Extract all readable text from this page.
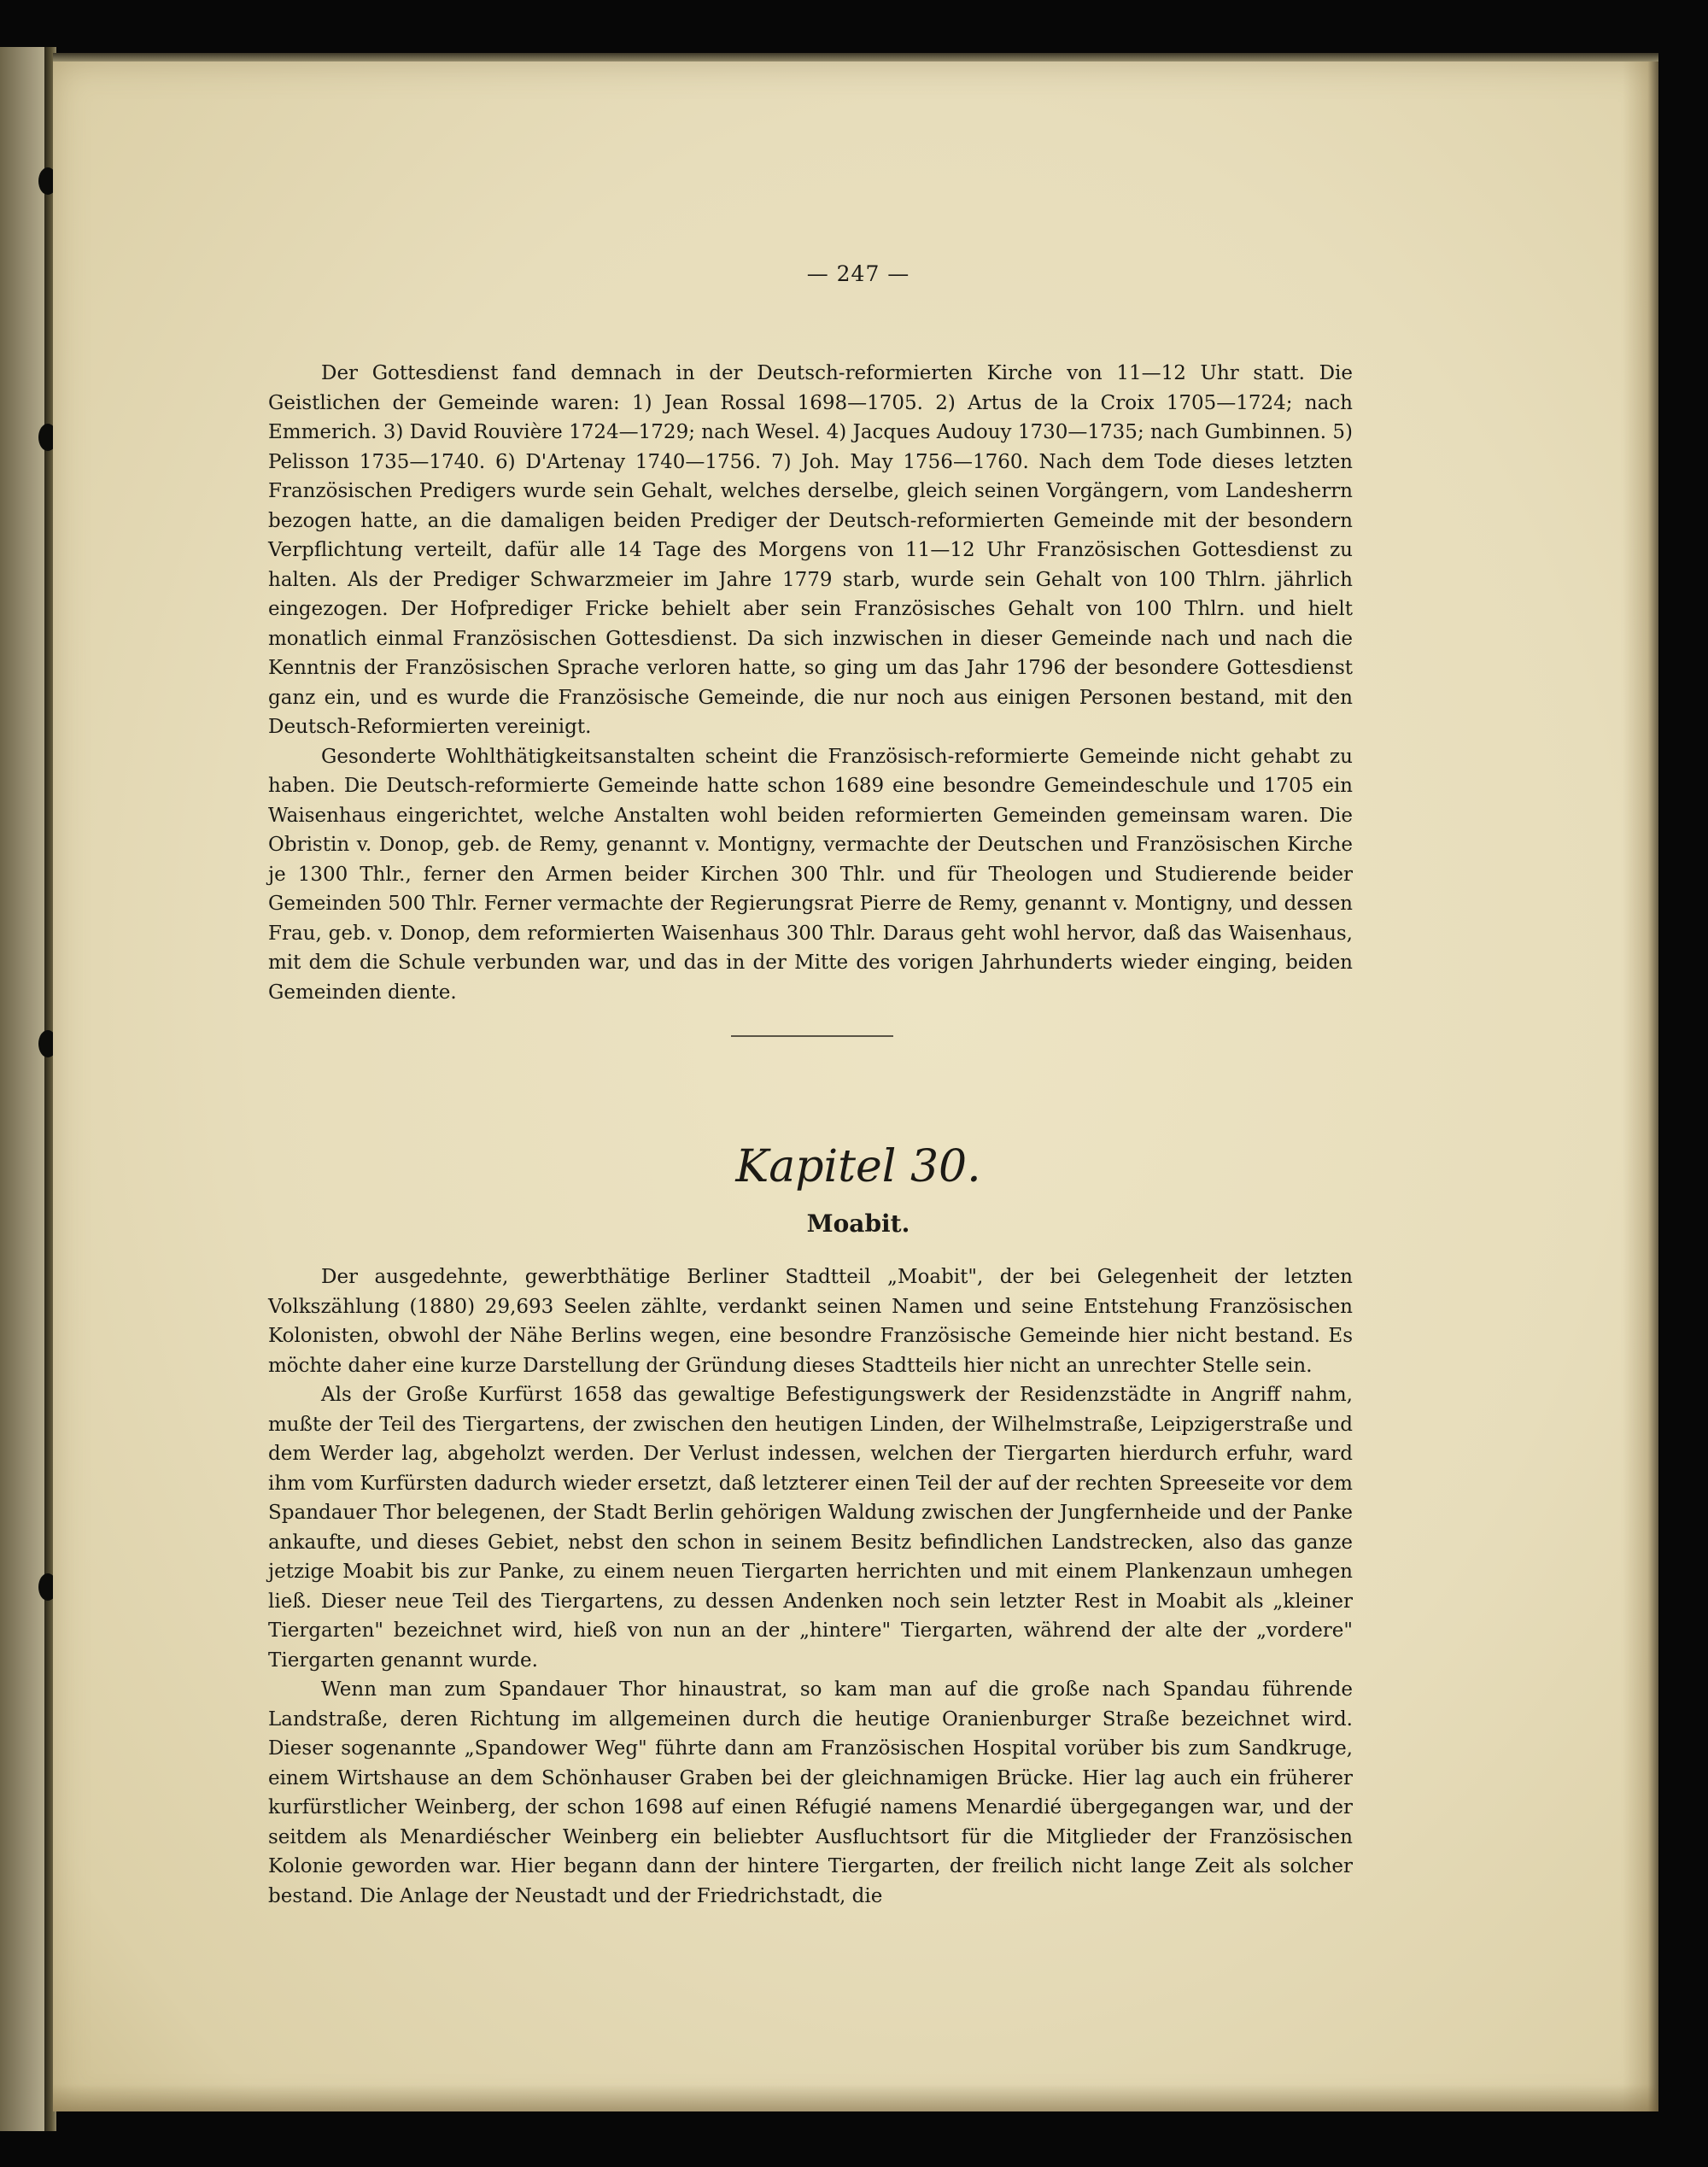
— 247 —

Der Gottesdienst fand demnach in der Deutsch-reformierten Kirche von 11—12 Uhr statt. Die Geistlichen der Gemeinde waren: 1) Jean Rossal 1698—1705. 2) Artus de la Croix 1705—1724; nach Emmerich. 3) David Rouvière 1724—1729; nach Wesel. 4) Jacques Audouy 1730—1735; nach Gumbinnen. 5) Pelisson 1735—1740. 6) D'Artenay 1740—1756. 7) Joh. May 1756—1760. Nach dem Tode dieses letzten Französischen Predigers wurde sein Gehalt, welches derselbe, gleich seinen Vorgängern, vom Landesherrn bezogen hatte, an die damaligen beiden Prediger der Deutsch-reformierten Gemeinde mit der besondern Verpflichtung verteilt, dafür alle 14 Tage des Morgens von 11—12 Uhr Französischen Gottesdienst zu halten. Als der Prediger Schwarzmeier im Jahre 1779 starb, wurde sein Gehalt von 100 Thlrn. jährlich eingezogen. Der Hofprediger Fricke behielt aber sein Französisches Gehalt von 100 Thlrn. und hielt monatlich einmal Französischen Gottesdienst. Da sich inzwischen in dieser Gemeinde nach und nach die Kenntnis der Französischen Sprache verloren hatte, so ging um das Jahr 1796 der besondere Gottesdienst ganz ein, und es wurde die Französische Gemeinde, die nur noch aus einigen Personen bestand, mit den Deutsch-Reformierten vereinigt.

Gesonderte Wohlthätigkeitsanstalten scheint die Französisch-reformierte Gemeinde nicht gehabt zu haben. Die Deutsch-reformierte Gemeinde hatte schon 1689 eine besondre Gemeindeschule und 1705 ein Waisenhaus eingerichtet, welche Anstalten wohl beiden reformierten Gemeinden gemeinsam waren. Die Obristin v. Donop, geb. de Remy, genannt v. Montigny, vermachte der Deutschen und Französischen Kirche je 1300 Thlr., ferner den Armen beider Kirchen 300 Thlr. und für Theologen und Studierende beider Gemeinden 500 Thlr. Ferner vermachte der Regierungsrat Pierre de Remy, genannt v. Montigny, und dessen Frau, geb. v. Donop, dem reformierten Waisenhaus 300 Thlr. Daraus geht wohl hervor, daß das Waisenhaus, mit dem die Schule verbunden war, und das in der Mitte des vorigen Jahrhunderts wieder einging, beiden Gemeinden diente.

Kapitel 30.
Moabit.

Der ausgedehnte, gewerbthätige Berliner Stadtteil „Moabit", der bei Gelegenheit der letzten Volkszählung (1880) 29,693 Seelen zählte, verdankt seinen Namen und seine Entstehung Französischen Kolonisten, obwohl der Nähe Berlins wegen, eine besondre Französische Gemeinde hier nicht bestand. Es möchte daher eine kurze Darstellung der Gründung dieses Stadtteils hier nicht an unrechter Stelle sein.

Als der Große Kurfürst 1658 das gewaltige Befestigungswerk der Residenzstädte in Angriff nahm, mußte der Teil des Tiergartens, der zwischen den heutigen Linden, der Wilhelmstraße, Leipzigerstraße und dem Werder lag, abgeholzt werden. Der Verlust indessen, welchen der Tiergarten hierdurch erfuhr, ward ihm vom Kurfürsten dadurch wieder ersetzt, daß letzterer einen Teil der auf der rechten Spreeseite vor dem Spandauer Thor belegenen, der Stadt Berlin gehörigen Waldung zwischen der Jungfernheide und der Panke ankaufte, und dieses Gebiet, nebst den schon in seinem Besitz befindlichen Landstrecken, also das ganze jetzige Moabit bis zur Panke, zu einem neuen Tiergarten herrichten und mit einem Plankenzaun umhegen ließ. Dieser neue Teil des Tiergartens, zu dessen Andenken noch sein letzter Rest in Moabit als „kleiner Tiergarten" bezeichnet wird, hieß von nun an der „hintere" Tiergarten, während der alte der „vordere" Tiergarten genannt wurde.

Wenn man zum Spandauer Thor hinaustrat, so kam man auf die große nach Spandau führende Landstraße, deren Richtung im allgemeinen durch die heutige Oranienburger Straße bezeichnet wird. Dieser sogenannte „Spandower Weg" führte dann am Französischen Hospital vorüber bis zum Sandkruge, einem Wirtshause an dem Schönhauser Graben bei der gleichnamigen Brücke. Hier lag auch ein früherer kurfürstlicher Weinberg, der schon 1698 auf einen Réfugié namens Menardié übergegangen war, und der seitdem als Menardiéscher Weinberg ein beliebter Ausfluchtsort für die Mitglieder der Französischen Kolonie geworden war. Hier begann dann der hintere Tiergarten, der freilich nicht lange Zeit als solcher bestand. Die Anlage der Neustadt und der Friedrichstadt, die
